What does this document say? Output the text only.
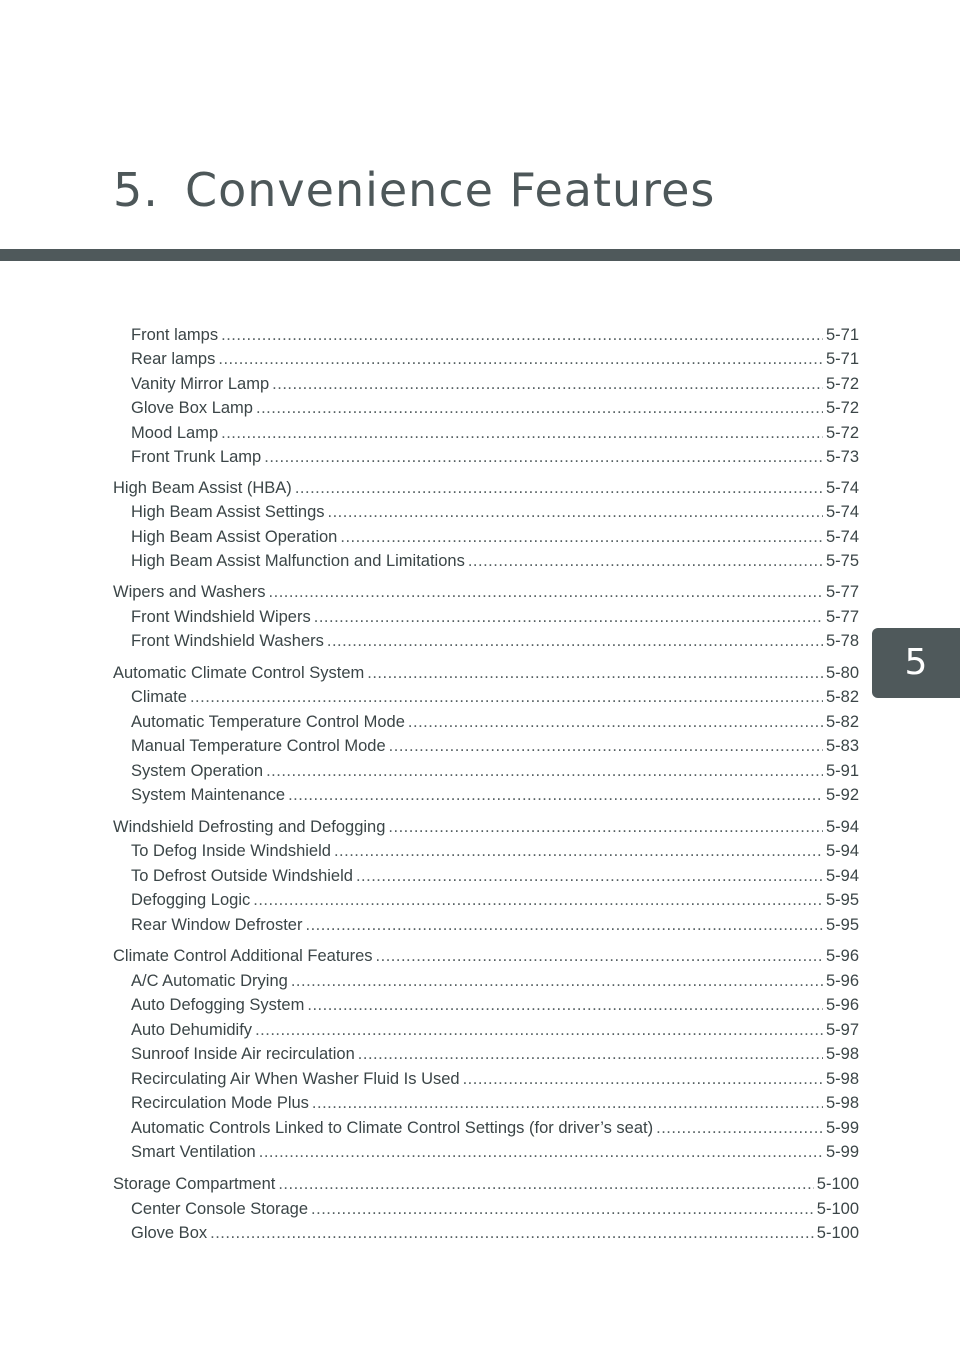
5. Convenience Features
5
Front lamps .....	5-71
Rear lamps .....	5-71
Vanity Mirror Lamp .....	5-72
Glove Box Lamp .....	5-72
Mood Lamp .....	5-72
Front Trunk Lamp .....	5-73
High Beam Assist (HBA) .....	5-74
High Beam Assist Settings .....	5-74
High Beam Assist Operation .....	5-74
High Beam Assist Malfunction and Limitations .....	5-75
Wipers and Washers .....	5-77
Front Windshield Wipers .....	5-77
Front Windshield Washers .....	5-78
Automatic Climate Control System .....	5-80
Climate .....	5-82
Automatic Temperature Control Mode .....	5-82
Manual Temperature Control Mode .....	5-83
System Operation .....	5-91
System Maintenance .....	5-92
Windshield Defrosting and Defogging .....	5-94
To Defog Inside Windshield .....	5-94
To Defrost Outside Windshield .....	5-94
Defogging Logic .....	5-95
Rear Window Defroster .....	5-95
Climate Control Additional Features .....	5-96
A/C Automatic Drying .....	5-96
Auto Defogging System .....	5-96
Auto Dehumidify .....	5-97
Sunroof Inside Air recirculation .....	5-98
Recirculating Air When Washer Fluid Is Used .....	5-98
Recirculation Mode Plus .....	5-98
Automatic Controls Linked to Climate Control Settings (for driver’s seat) .....	5-99
Smart Ventilation .....	5-99
Storage Compartment .....	5-100
Center Console Storage .....	5-100
Glove Box .....	5-100
